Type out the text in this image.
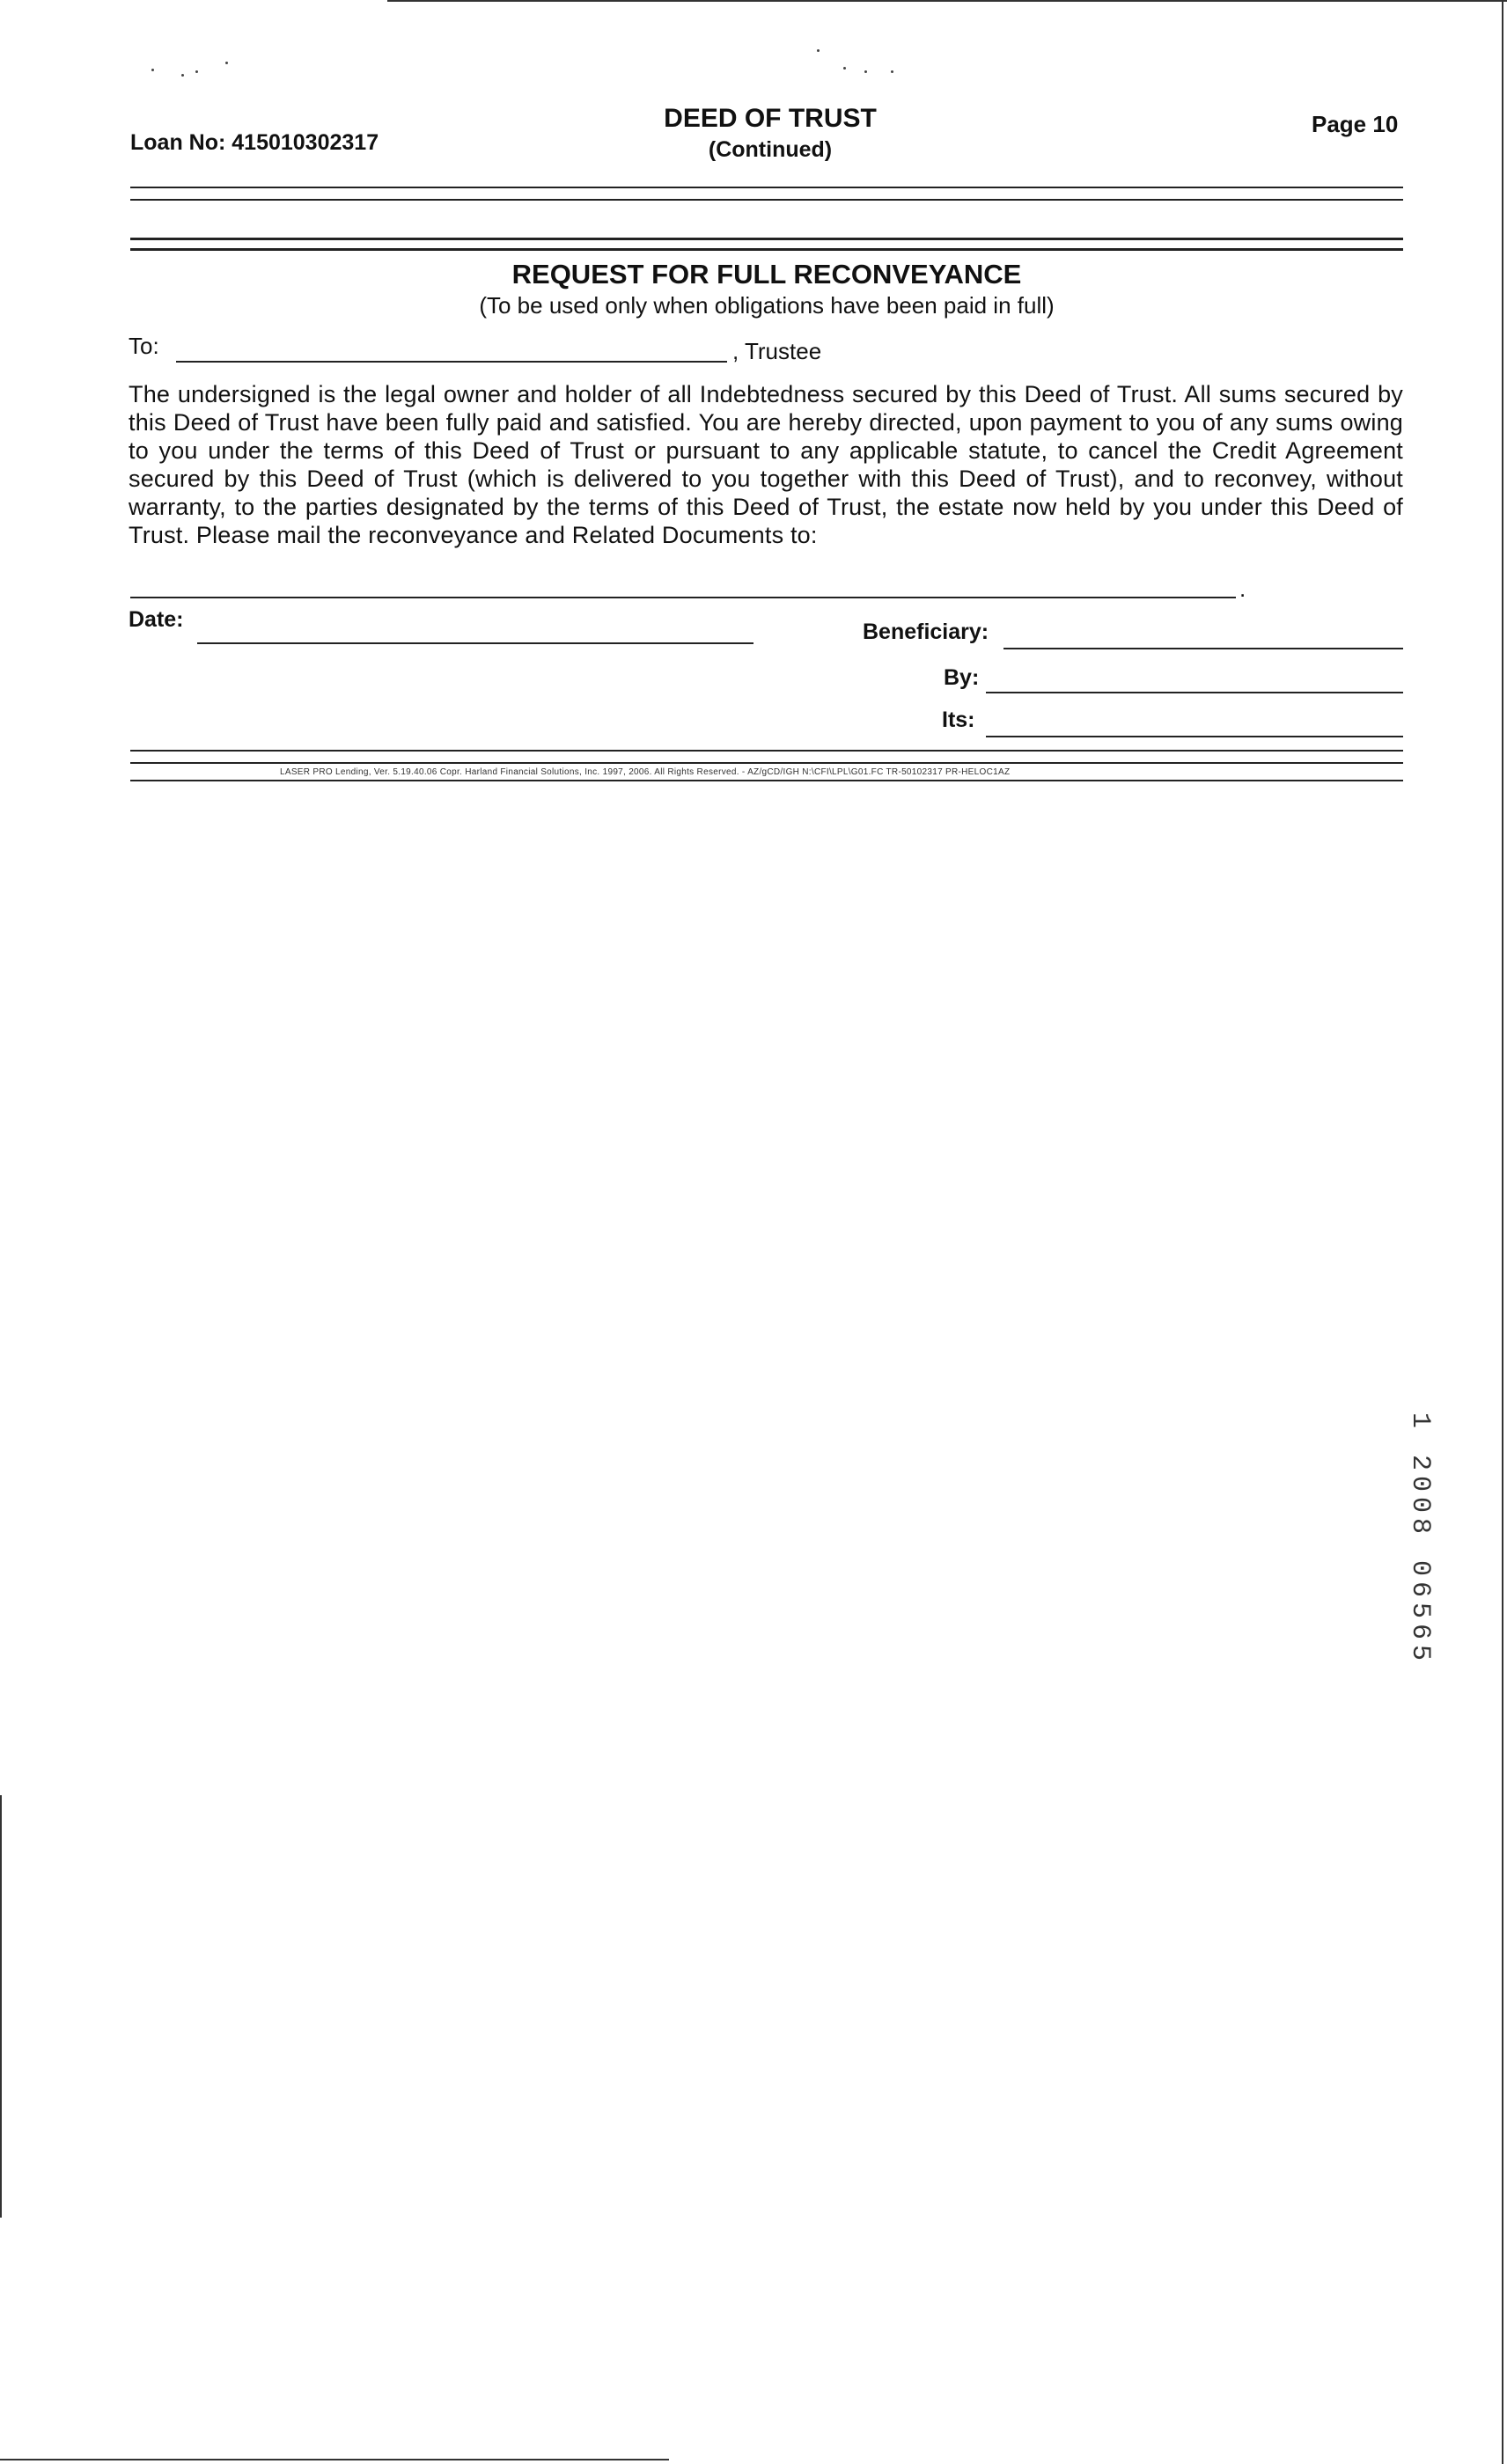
Loan No: 415010302317
DEED OF TRUST
(Continued)
Page 10
REQUEST FOR FULL RECONVEYANCE
(To be used only when obligations have been paid in full)
To:	, Trustee
The undersigned is the legal owner and holder of all Indebtedness secured by this Deed of Trust. All sums secured by this Deed of Trust have been fully paid and satisfied. You are hereby directed, upon payment to you of any sums owing to you under the terms of this Deed of Trust or pursuant to any applicable statute, to cancel the Credit Agreement secured by this Deed of Trust (which is delivered to you together with this Deed of Trust), and to reconvey, without warranty, to the parties designated by the terms of this Deed of Trust, the estate now held by you under this Deed of Trust. Please mail the reconveyance and Related Documents to:
.
Date:	Beneficiary:
By:
Its:
LASER PRO Lending, Ver. 5.19.40.06 Copr. Harland Financial Solutions, Inc. 1997, 2006. All Rights Reserved. - AZ/gCD/IGH N:\CFI\LPL\G01.FC TR-50102317 PR-HELOC1AZ
1 2008 06565
